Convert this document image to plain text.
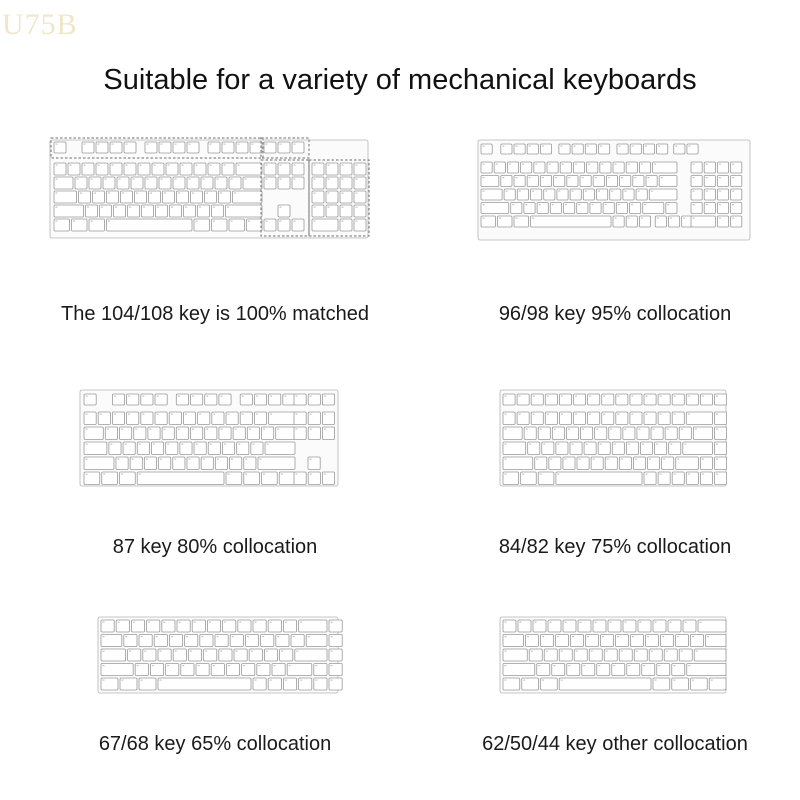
U75B
Suitable for a variety of mechanical keyboards
The 104/108 key is 100% matched	96/98 key 95% collocation
87 key 80% collocation	84/82 key 75% collocation
67/68 key 65% collocation	62/50/44 key other collocation
